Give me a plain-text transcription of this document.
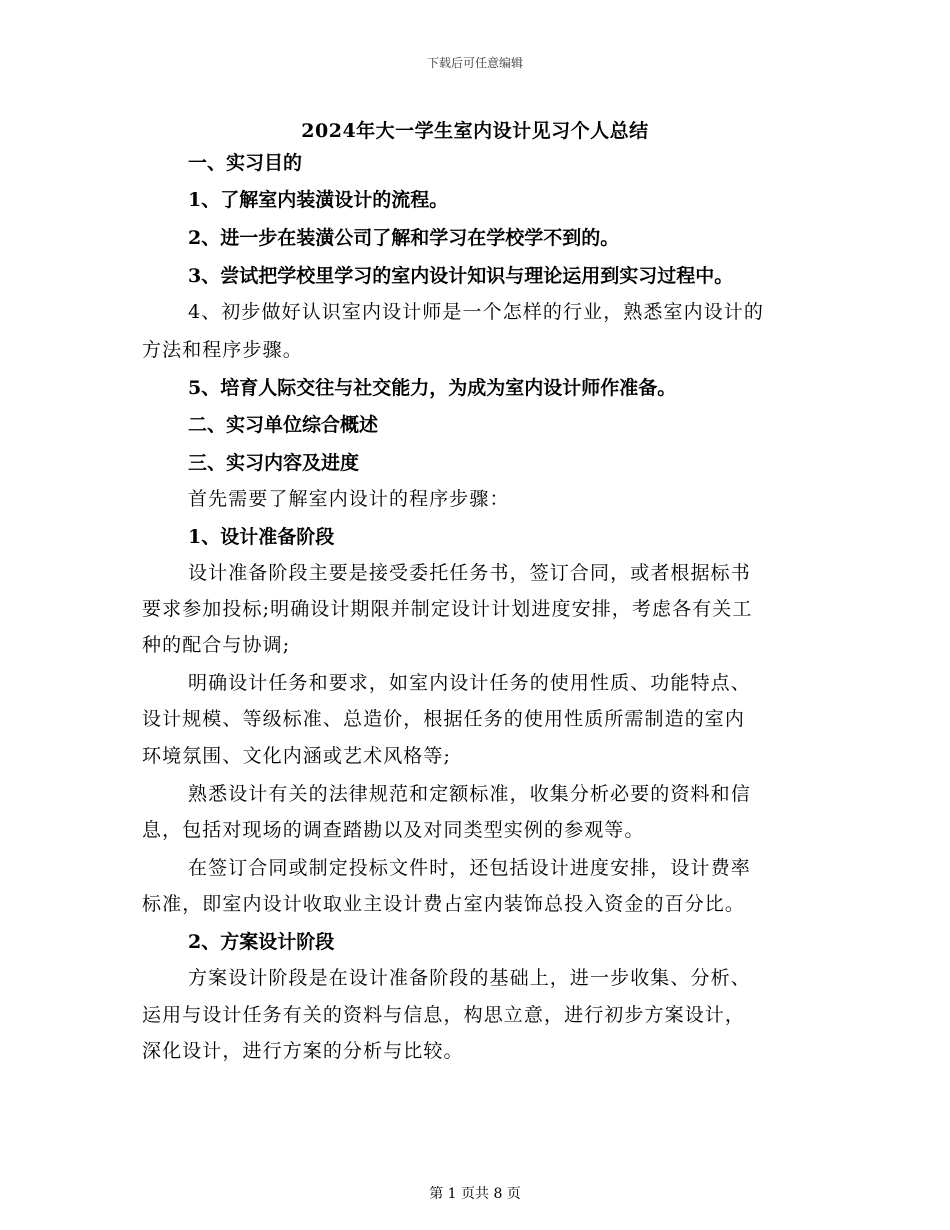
下载后可任意编辑
2024年大一学生室内设计见习个人总结
一、实习目的
1、了解室内装潢设计的流程。
2、进一步在装潢公司了解和学习在学校学不到的。
3、尝试把学校里学习的室内设计知识与理论运用到实习过程中。
4、初步做好认识室内设计师是一个怎样的行业，熟悉室内设计的
方法和程序步骤。
5、培育人际交往与社交能力，为成为室内设计师作准备。
二、实习单位综合概述
三、实习内容及进度
首先需要了解室内设计的程序步骤：
1、设计准备阶段
设计准备阶段主要是接受委托任务书，签订合同，或者根据标书
要求参加投标;明确设计期限并制定设计计划进度安排，考虑各有关工
种的配合与协调;
明确设计任务和要求，如室内设计任务的使用性质、功能特点、
设计规模、等级标准、总造价，根据任务的使用性质所需制造的室内
环境氛围、文化内涵或艺术风格等;
熟悉设计有关的法律规范和定额标准，收集分析必要的资料和信
息，包括对现场的调查踏勘以及对同类型实例的参观等。
在签订合同或制定投标文件时，还包括设计进度安排，设计费率
标准，即室内设计收取业主设计费占室内装饰总投入资金的百分比。
2、方案设计阶段
方案设计阶段是在设计准备阶段的基础上，进一步收集、分析、
运用与设计任务有关的资料与信息，构思立意，进行初步方案设计，
深化设计，进行方案的分析与比较。
第 1 页共 8 页
